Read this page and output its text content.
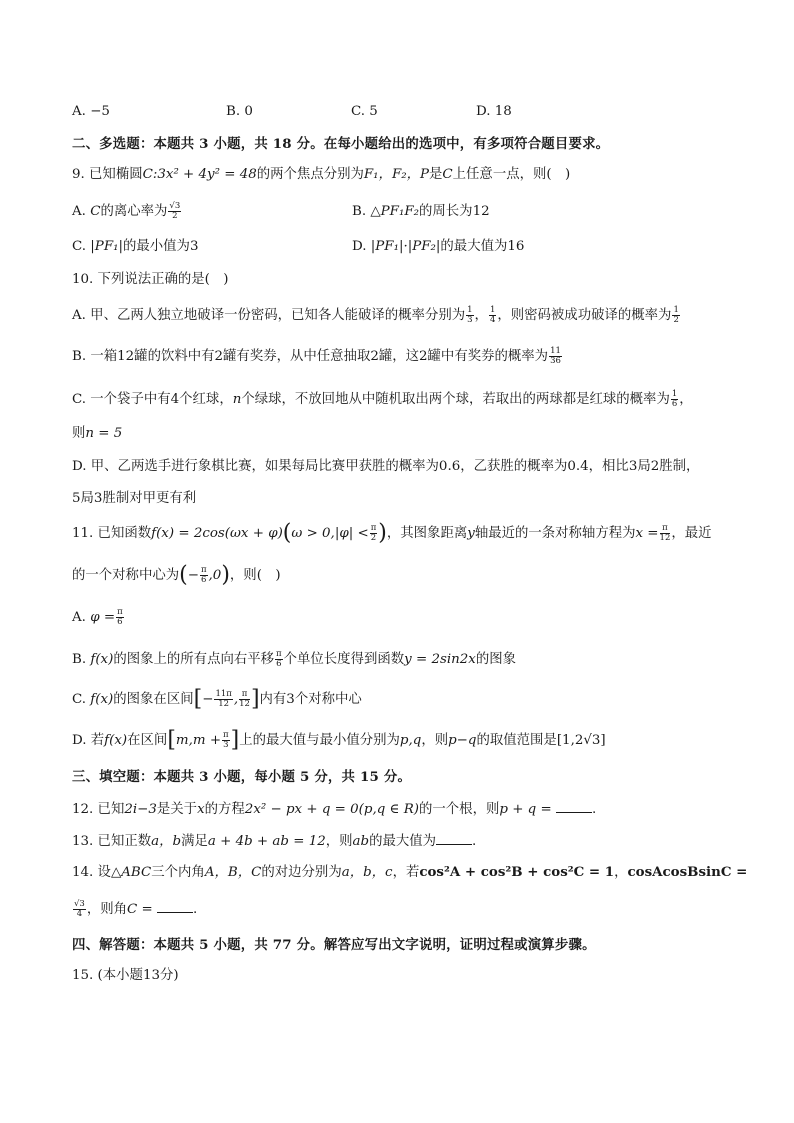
A. −5	B. 0	C. 5	D. 18
二、多选题：本题共 3 小题，共 18 分。在每小题给出的选项中，有多项符合题目要求。
9. 已知椭圆C:3x² + 4y² = 48的两个焦点分别为F₁，F₂，P是C上任意一点，则(　)
A. C的离心率为 $\frac{√3}{2}$	B. △PF₁F₂的周长为12
C. |PF₁|的最小值为3	D. |PF₁|·|PF₂|的最大值为16
10. 下列说法正确的是(　)
A. 甲、乙两人独立地破译一份密码，已知各人能破译的概率分别为 $\frac{1}{3}$ ， $\frac{1}{4}$ ，则密码被成功破译的概率为 $\frac{1}{2}$
B. 一箱12罐的饮料中有2罐有奖券，从中任意抽取2罐，这2罐中有奖券的概率为 $\frac{11}{36}$
C. 一个袋子中有4个红球，n个绿球，不放回地从中随机取出两个球，若取出的两球都是红球的概率为 $\frac{1}{6}$ ，
则n = 5
D. 甲、乙两选手进行象棋比赛，如果每局比赛甲获胜的概率为0.6，乙获胜的概率为0.4，相比3局2胜制，
5局3胜制对甲更有利
11. 已知函数$f(x) = 2\cos(\omega x + \varphi)(\omega > 0,|\varphi| < \frac{\pi}{2}$ )，其图象距离y轴最近的一条对称轴方程为$x = \frac{\pi}{12}$ ，最近
的一个对称中心为(− $\frac{\pi}{6} ,0$)，则(　)
A. $\varphi = \frac{\pi}{6}$
B. f(x)的图象上的所有点向右平移 $\frac{\pi}{6}$ 个单位长度得到函数y = 2sin2x的图象
C. f(x)的图象在区间[− $\frac{11\pi}{12}$ , $\frac{\pi}{12}$ ]内有3个对称中心
D. 若f(x)在区间[$m,m + \frac{\pi}{3}$ ]上的最大值与最小值分别为p,q，则p−q的取值范围是[1,2√3]
三、填空题：本题共 3 小题，每小题 5 分，共 15 分。
12. 已知2i−3是关于x的方程2x² − px + q = 0(p,q ∈ R)的一个根，则p + q =	.
13. 已知正数a，b满足a + 4b + ab = 12，则ab的最大值为	.
14. 设△ABC三个内角A，B，C的对边分别为a，b，c，若cos²A + cos²B + cos²C = 1，cosAcosBsinC =
$\frac{√3}{4}$ ，则角C =	.
四、解答题：本题共 5 小题，共 77 分。解答应写出文字说明，证明过程或演算步骤。
15. (本小题13分)
